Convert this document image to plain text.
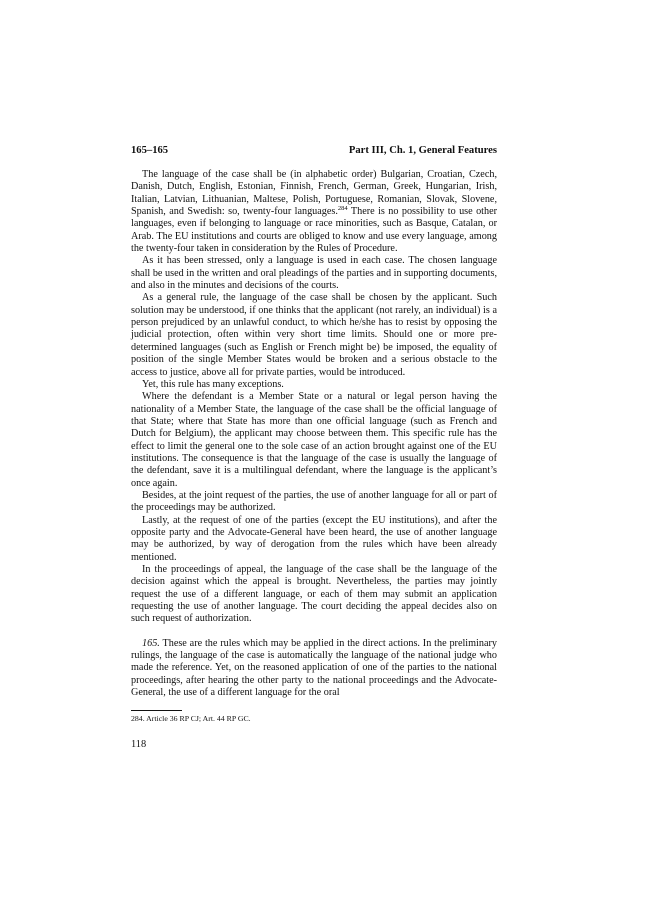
165–165	Part III, Ch. 1, General Features

The language of the case shall be (in alphabetic order) Bulgarian, Croatian, Czech, Danish, Dutch, English, Estonian, Finnish, French, German, Greek, Hungarian, Irish, Italian, Latvian, Lithuanian, Maltese, Polish, Portuguese, Romanian, Slovak, Slovene, Spanish, and Swedish: so, twenty-four languages.$^{284}$ There is no possibility to use other languages, even if belonging to language or race minorities, such as Basque, Catalan, or Arab. The EU institutions and courts are obliged to know and use every language, among the twenty-four taken in consideration by the Rules of Procedure.

As it has been stressed, only a language is used in each case. The chosen language shall be used in the written and oral pleadings of the parties and in supporting documents, and also in the minutes and decisions of the courts.

As a general rule, the language of the case shall be chosen by the applicant. Such solution may be understood, if one thinks that the applicant (not rarely, an individual) is a person prejudiced by an unlawful conduct, to which he/she has to resist by opposing the judicial protection, often within very short time limits. Should one or more pre-determined languages (such as English or French might be) be imposed, the equality of position of the single Member States would be broken and a serious obstacle to the access to justice, above all for private parties, would be introduced.

Yet, this rule has many exceptions.

Where the defendant is a Member State or a natural or legal person having the nationality of a Member State, the language of the case shall be the official language of that State; where that State has more than one official language (such as French and Dutch for Belgium), the applicant may choose between them. This specific rule has the effect to limit the general one to the sole case of an action brought against one of the EU institutions. The consequence is that the language of the case is usually the language of the defendant, save it is a multilingual defendant, where the language is the applicant’s once again.

Besides, at the joint request of the parties, the use of another language for all or part of the proceedings may be authorized.

Lastly, at the request of one of the parties (except the EU institutions), and after the opposite party and the Advocate-General have been heard, the use of another language may be authorized, by way of derogation from the rules which have been already mentioned.

In the proceedings of appeal, the language of the case shall be the language of the decision against which the appeal is brought. Nevertheless, the parties may jointly request the use of a different language, or each of them may submit an application requesting the use of another language. The court deciding the appeal decides also on such request of authorization.

165. These are the rules which may be applied in the direct actions. In the preliminary rulings, the language of the case is automatically the language of the national judge who made the reference. Yet, on the reasoned application of one of the parties to the national proceedings, after hearing the other party to the national proceedings and the Advocate-General, the use of a different language for the oral

284. Article 36 RP CJ; Art. 44 RP GC.
118
